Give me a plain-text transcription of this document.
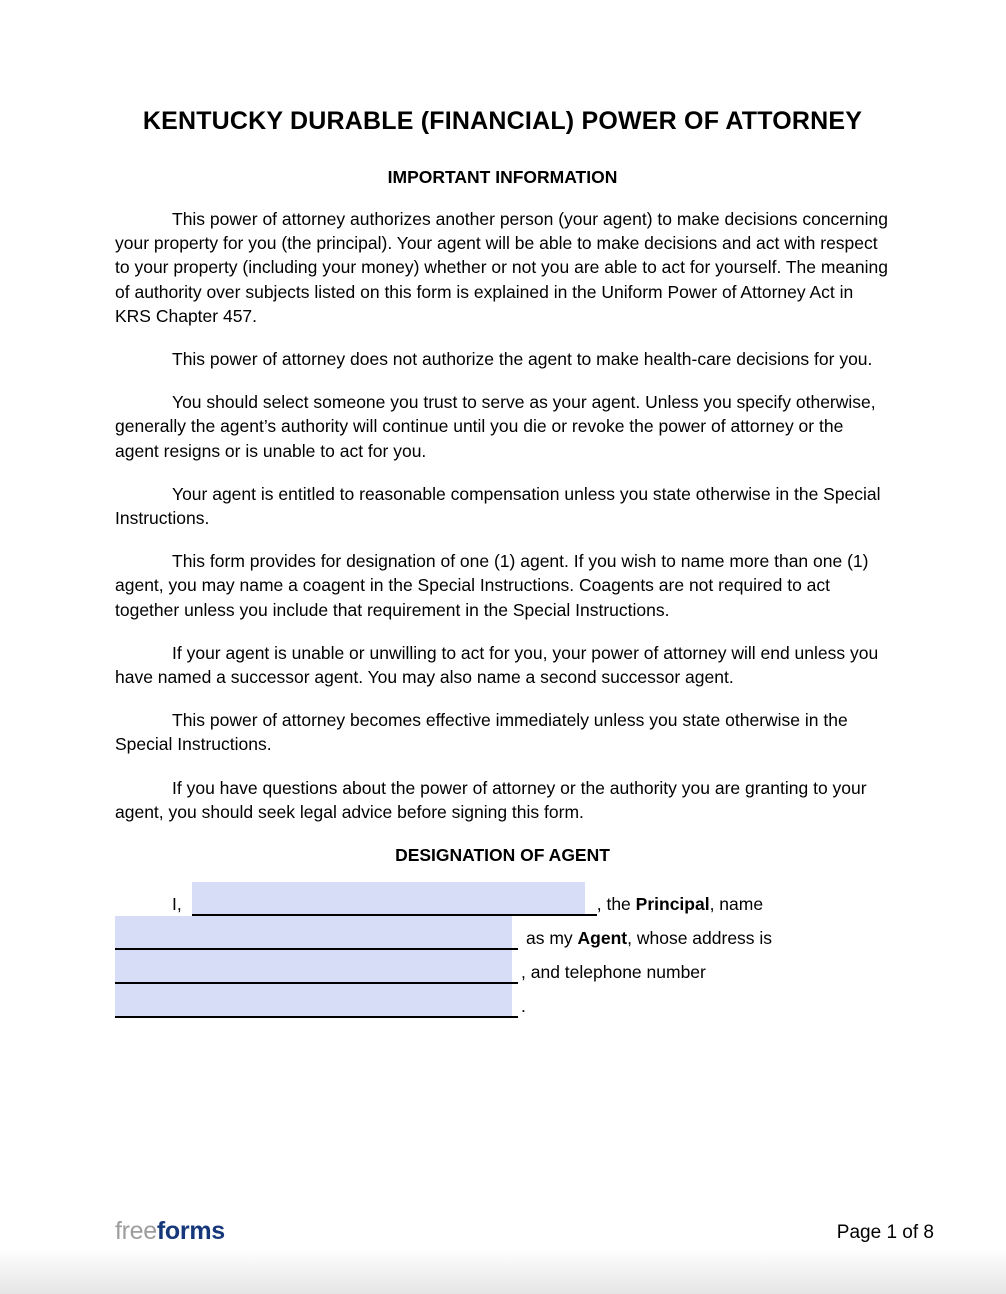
KENTUCKY DURABLE (FINANCIAL) POWER OF ATTORNEY
IMPORTANT INFORMATION

This power of attorney authorizes another person (your agent) to make decisions concerning your property for you (the principal). Your agent will be able to make decisions and act with respect to your property (including your money) whether or not you are able to act for yourself. The meaning of authority over subjects listed on this form is explained in the Uniform Power of Attorney Act in KRS Chapter 457.

This power of attorney does not authorize the agent to make health-care decisions for you.

You should select someone you trust to serve as your agent. Unless you specify otherwise, generally the agent’s authority will continue until you die or revoke the power of attorney or the agent resigns or is unable to act for you.

Your agent is entitled to reasonable compensation unless you state otherwise in the Special Instructions.

This form provides for designation of one (1) agent. If you wish to name more than one (1) agent, you may name a coagent in the Special Instructions. Coagents are not required to act together unless you include that requirement in the Special Instructions.

If your agent is unable or unwilling to act for you, your power of attorney will end unless you have named a successor agent. You may also name a second successor agent.

This power of attorney becomes effective immediately unless you state otherwise in the Special Instructions.

If you have questions about the power of attorney or the authority you are granting to your agent, you should seek legal advice before signing this form.

DESIGNATION OF AGENT
I,	, the Principal, name
as my Agent, whose address is
, and telephone number
.
freeforms	Page 1 of 8
